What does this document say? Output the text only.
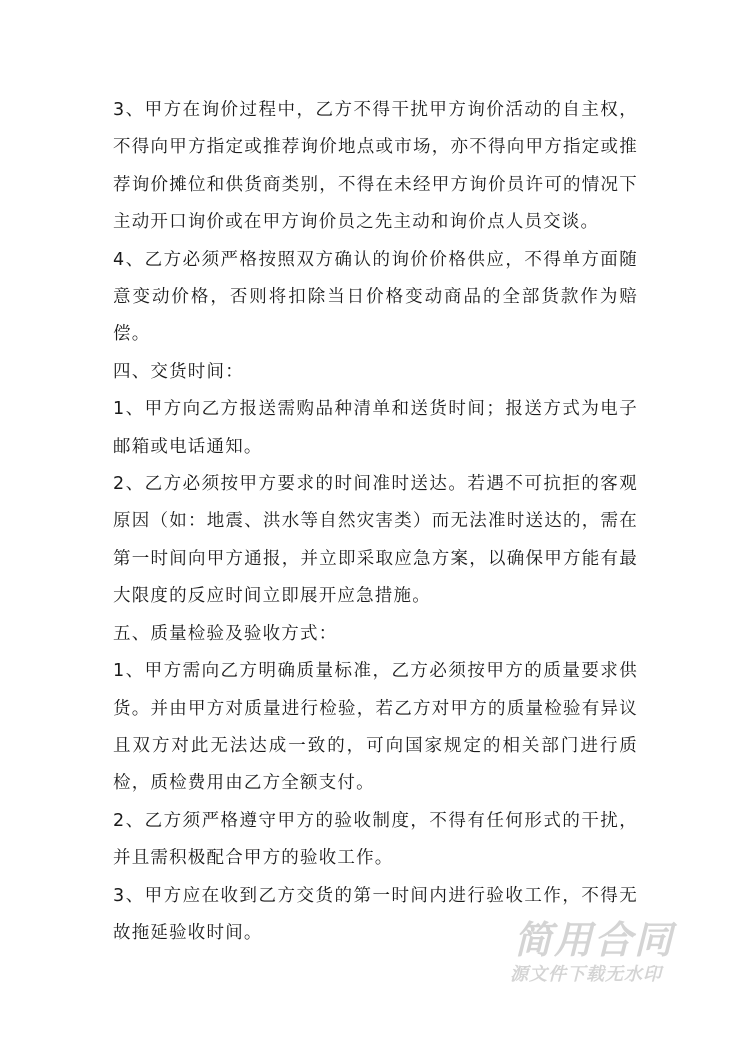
3、甲方在询价过程中，乙方不得干扰甲方询价活动的自主权，不得向甲方指定或推荐询价地点或市场，亦不得向甲方指定或推荐询价摊位和供货商类别，不得在未经甲方询价员许可的情况下主动开口询价或在甲方询价员之先主动和询价点人员交谈。

4、乙方必须严格按照双方确认的询价价格供应，不得单方面随意变动价格，否则将扣除当日价格变动商品的全部货款作为赔偿。

四、交货时间：

1、甲方向乙方报送需购品种清单和送货时间；报送方式为电子邮箱或电话通知。

2、乙方必须按甲方要求的时间准时送达。若遇不可抗拒的客观原因（如：地震、洪水等自然灾害类）而无法准时送达的，需在第一时间向甲方通报，并立即采取应急方案，以确保甲方能有最大限度的反应时间立即展开应急措施。

五、质量检验及验收方式：

1、甲方需向乙方明确质量标准，乙方必须按甲方的质量要求供货。并由甲方对质量进行检验，若乙方对甲方的质量检验有异议且双方对此无法达成一致的，可向国家规定的相关部门进行质检，质检费用由乙方全额支付。

2、乙方须严格遵守甲方的验收制度，不得有任何形式的干扰，并且需积极配合甲方的验收工作。

3、甲方应在收到乙方交货的第一时间内进行验收工作，不得无故拖延验收时间。	简用合同
源文件下载无水印
